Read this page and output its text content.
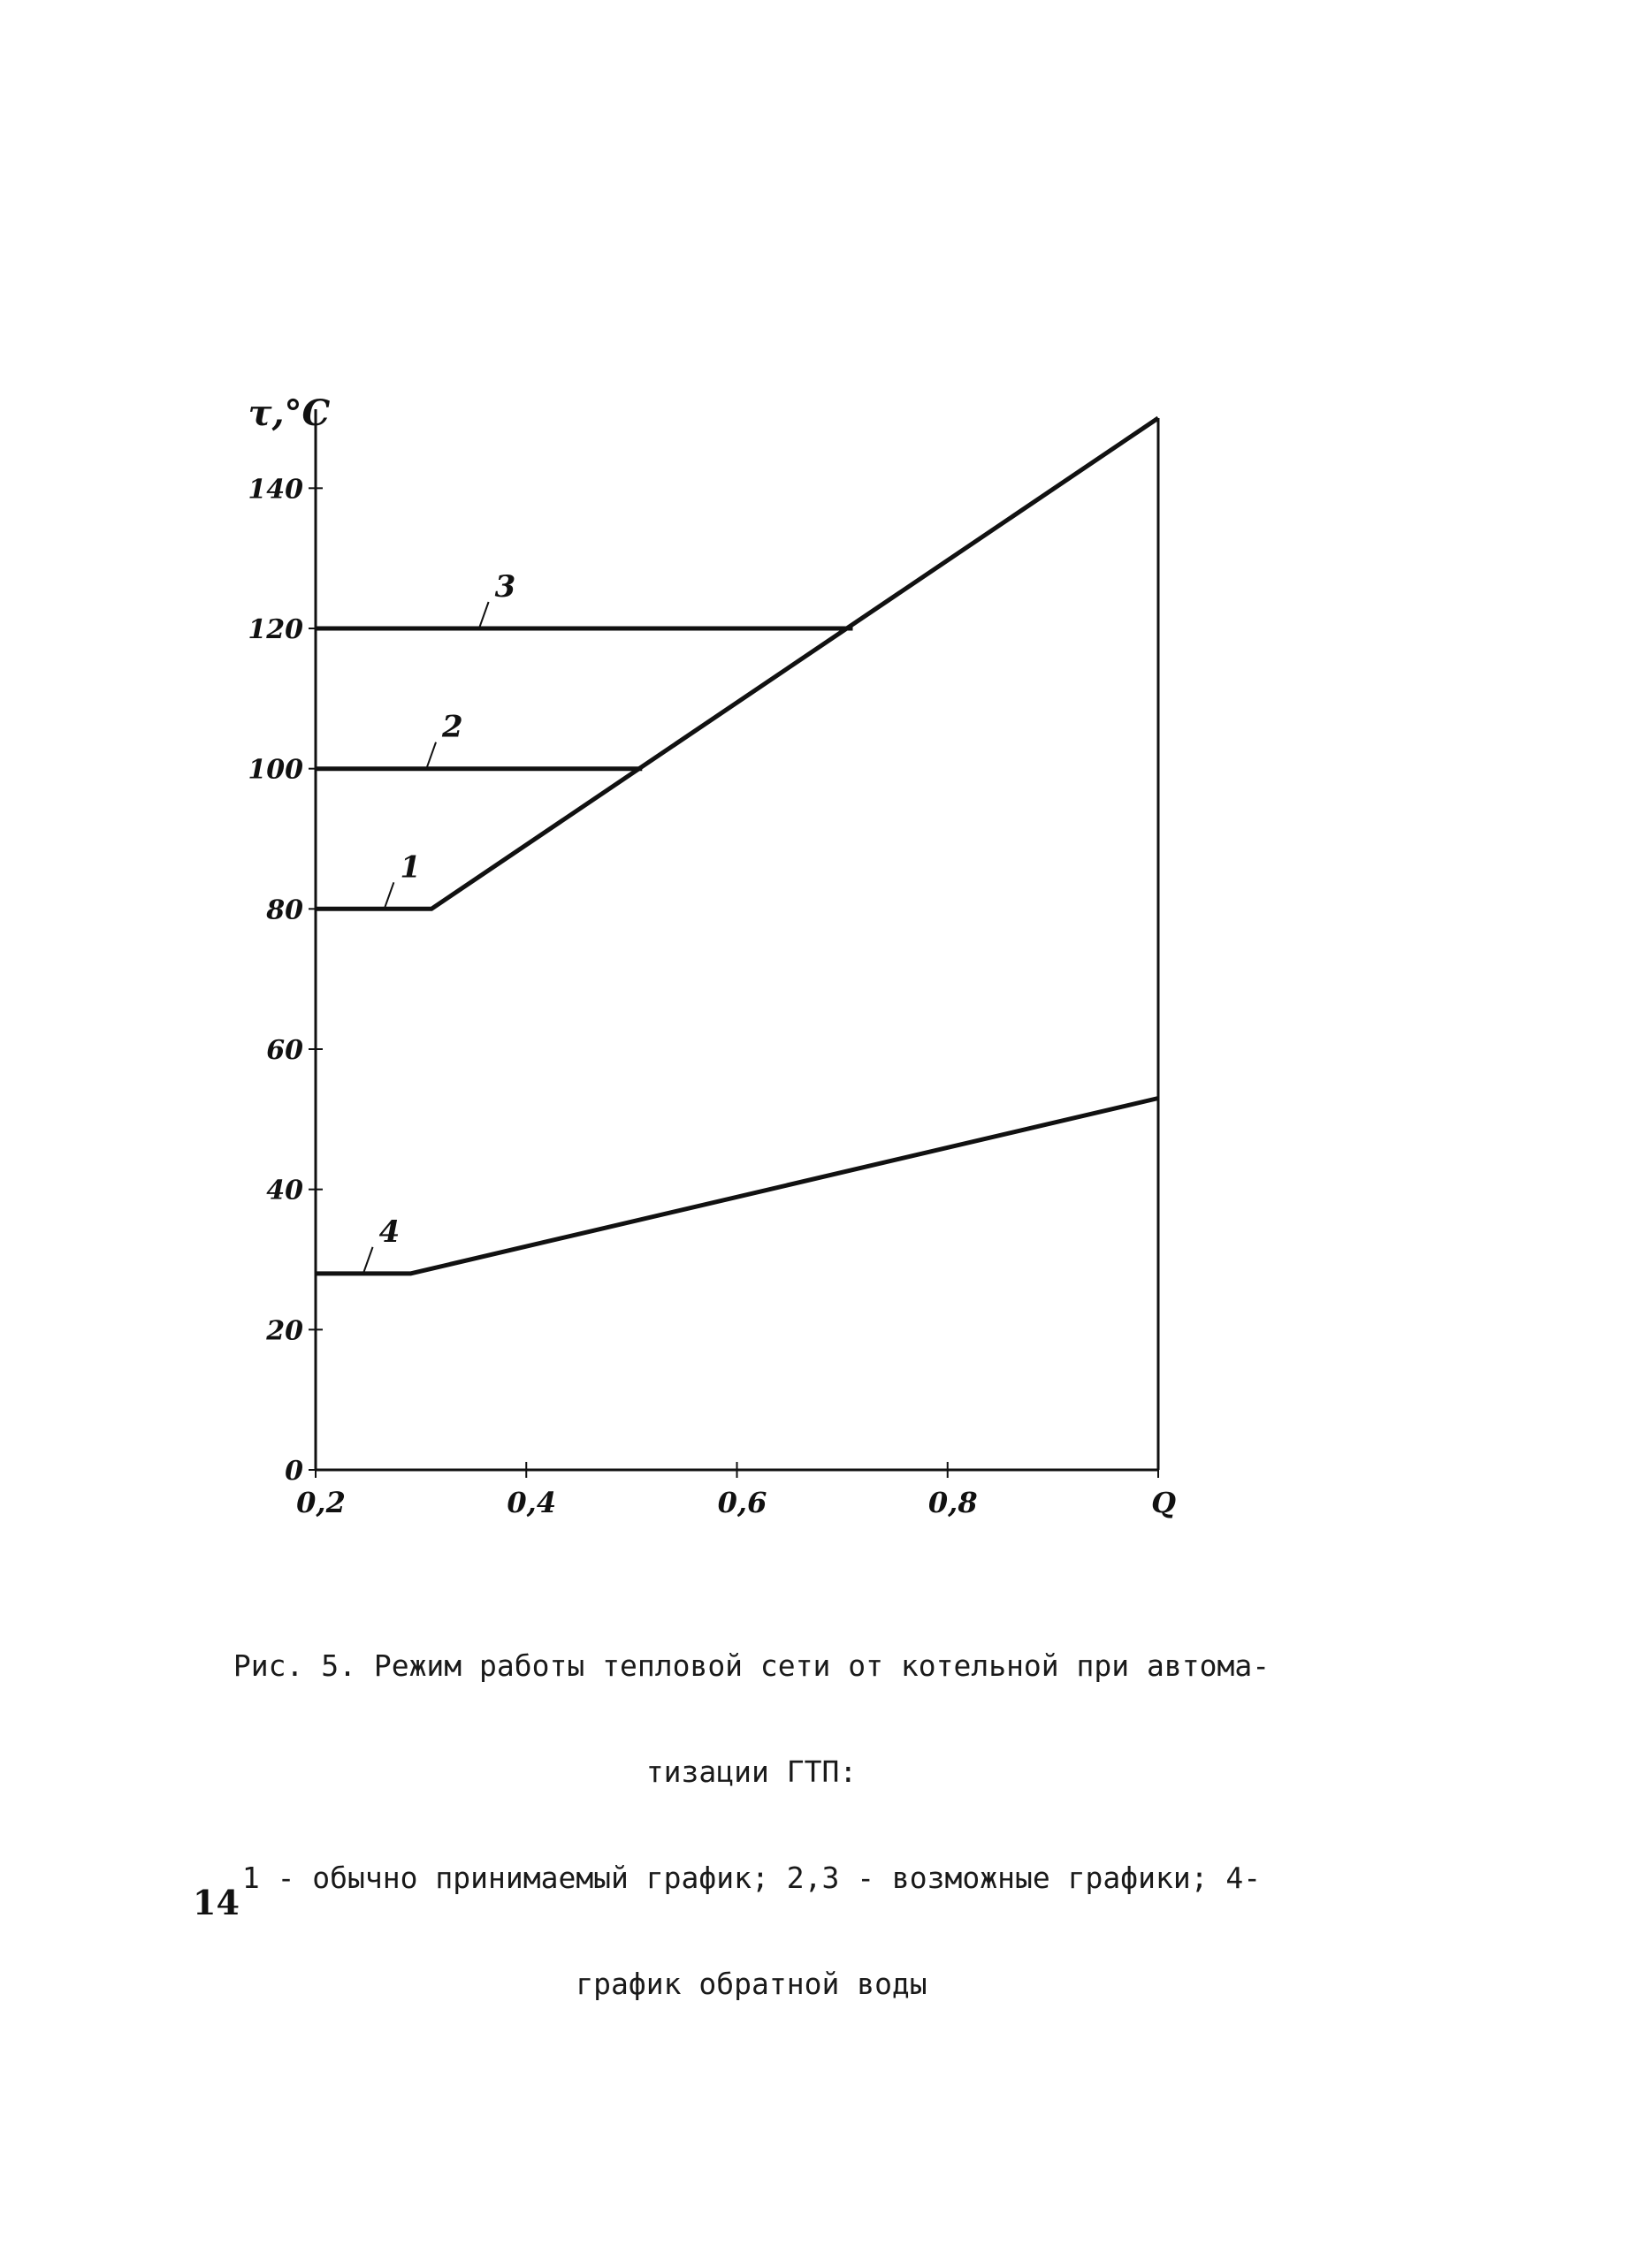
0
20
40
60
80
100
120
140
0,2	0,4	0,6	0,8	Q
τ,°C
1
2
3
4

Рис. 5. Режим работы тепловой сети от котельной при автома-

тизации ГТП:

1 - обычно принимаемый график; 2,3 - возможные графики; 4-

график обратной воды

14
